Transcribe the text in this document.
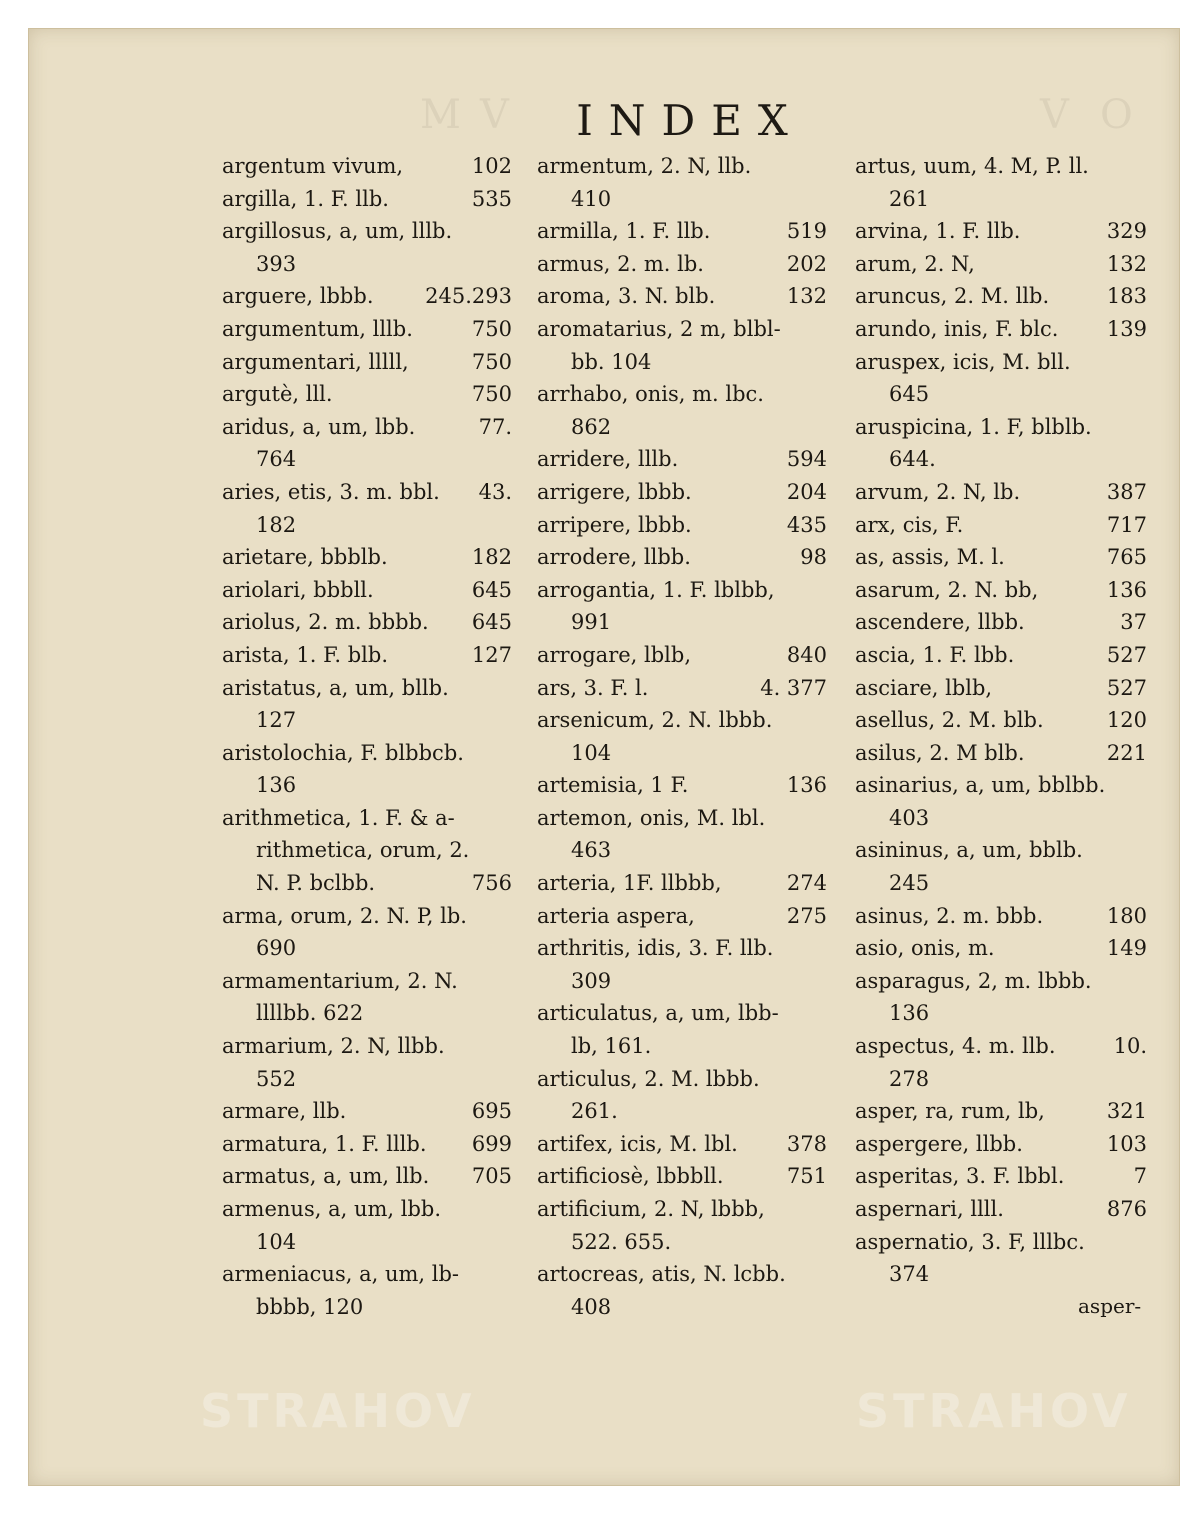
M V	V O
INDEX
argentum vivum,	102
argilla, 1. F. llb.	535
argillosus, a, um, lllb.
393
arguere, lbbb. 245.293
argumentum, lllb.	750
argumentari, lllll,	750
argutè, lll.	750
aridus, a, um, lbb.	77.
764
aries, etis, 3. m. bbl. 43.
182
arietare, bbblb.	182
ariolari, bbbll.	645
ariolus, 2. m. bbbb. 645
arista, 1. F. blb.	127
aristatus, a, um, bllb.
127
aristolochia, F. blbbcb.
136
arithmetica, 1. F. & a-
rithmetica, orum, 2.
N. P. bclbb.	756
arma, orum, 2. N. P, lb.
690
armamentarium, 2. N.
llllbb. 622
armarium, 2. N, llbb.
552
armare, llb.	695
armatura, 1. F. lllb. 699
armatus, a, um, llb. 705
armenus, a, um, lbb.
104
armeniacus, a, um, lb-
bbbb, 120
armentum, 2. N, llb.
410
armilla, 1. F. llb.	519
armus, 2. m. lb.	202
aroma, 3. N. blb.	132
aromatarius, 2 m, blbl-
bb. 104
arrhabo, onis, m. lbc.
862
arridere, lllb.	594
arrigere, lbbb.	204
arripere, lbbb.	435
arrodere, llbb.	98
arrogantia, 1. F. lblbb,
991
arrogare, lblb,	840
ars, 3. F. l.	4. 377
arsenicum, 2. N. lbbb.
104
artemisia, 1 F.	136
artemon, onis, M. lbl.
463
arteria, 1F. llbbb,	274
arteria aspera,	275
arthritis, idis, 3. F. llb.
309
articulatus, a, um, lbb-
lb, 161.
articulus, 2. M. lbbb.
261.
artifex, icis, M. lbl. 378
artificiosè, lbbbll.	751
artificium, 2. N, lbbb,
522. 655.
artocreas, atis, N. lcbb.
408
artus, uum, 4. M, P. ll.
261
arvina, 1. F. llb.	329
arum, 2. N,	132
aruncus, 2. M. llb.	183
arundo, inis, F. blc. 139
aruspex, icis, M. bll.
645
aruspicina, 1. F, blblb.
644.
arvum, 2. N, lb.	387
arx, cis, F.	717
as, assis, M. l.	765
asarum, 2. N. bb,	136
ascendere, llbb.	37
ascia, 1. F. lbb.	527
asciare, lblb,	527
asellus, 2. M. blb.	120
asilus, 2. M blb.	221
asinarius, a, um, bblbb.
403
asininus, a, um, bblb.
245
asinus, 2. m. bbb.	180
asio, onis, m.	149
asparagus, 2, m. lbbb.
136
aspectus, 4. m. llb.	10.
278
asper, ra, rum, lb,	321
aspergere, llbb.	103
asperitas, 3. F. lbbl.	7
aspernari, llll.	876
aspernatio, 3. F, lllbc.
374
asper-
STRAHOV	STRAHOV
